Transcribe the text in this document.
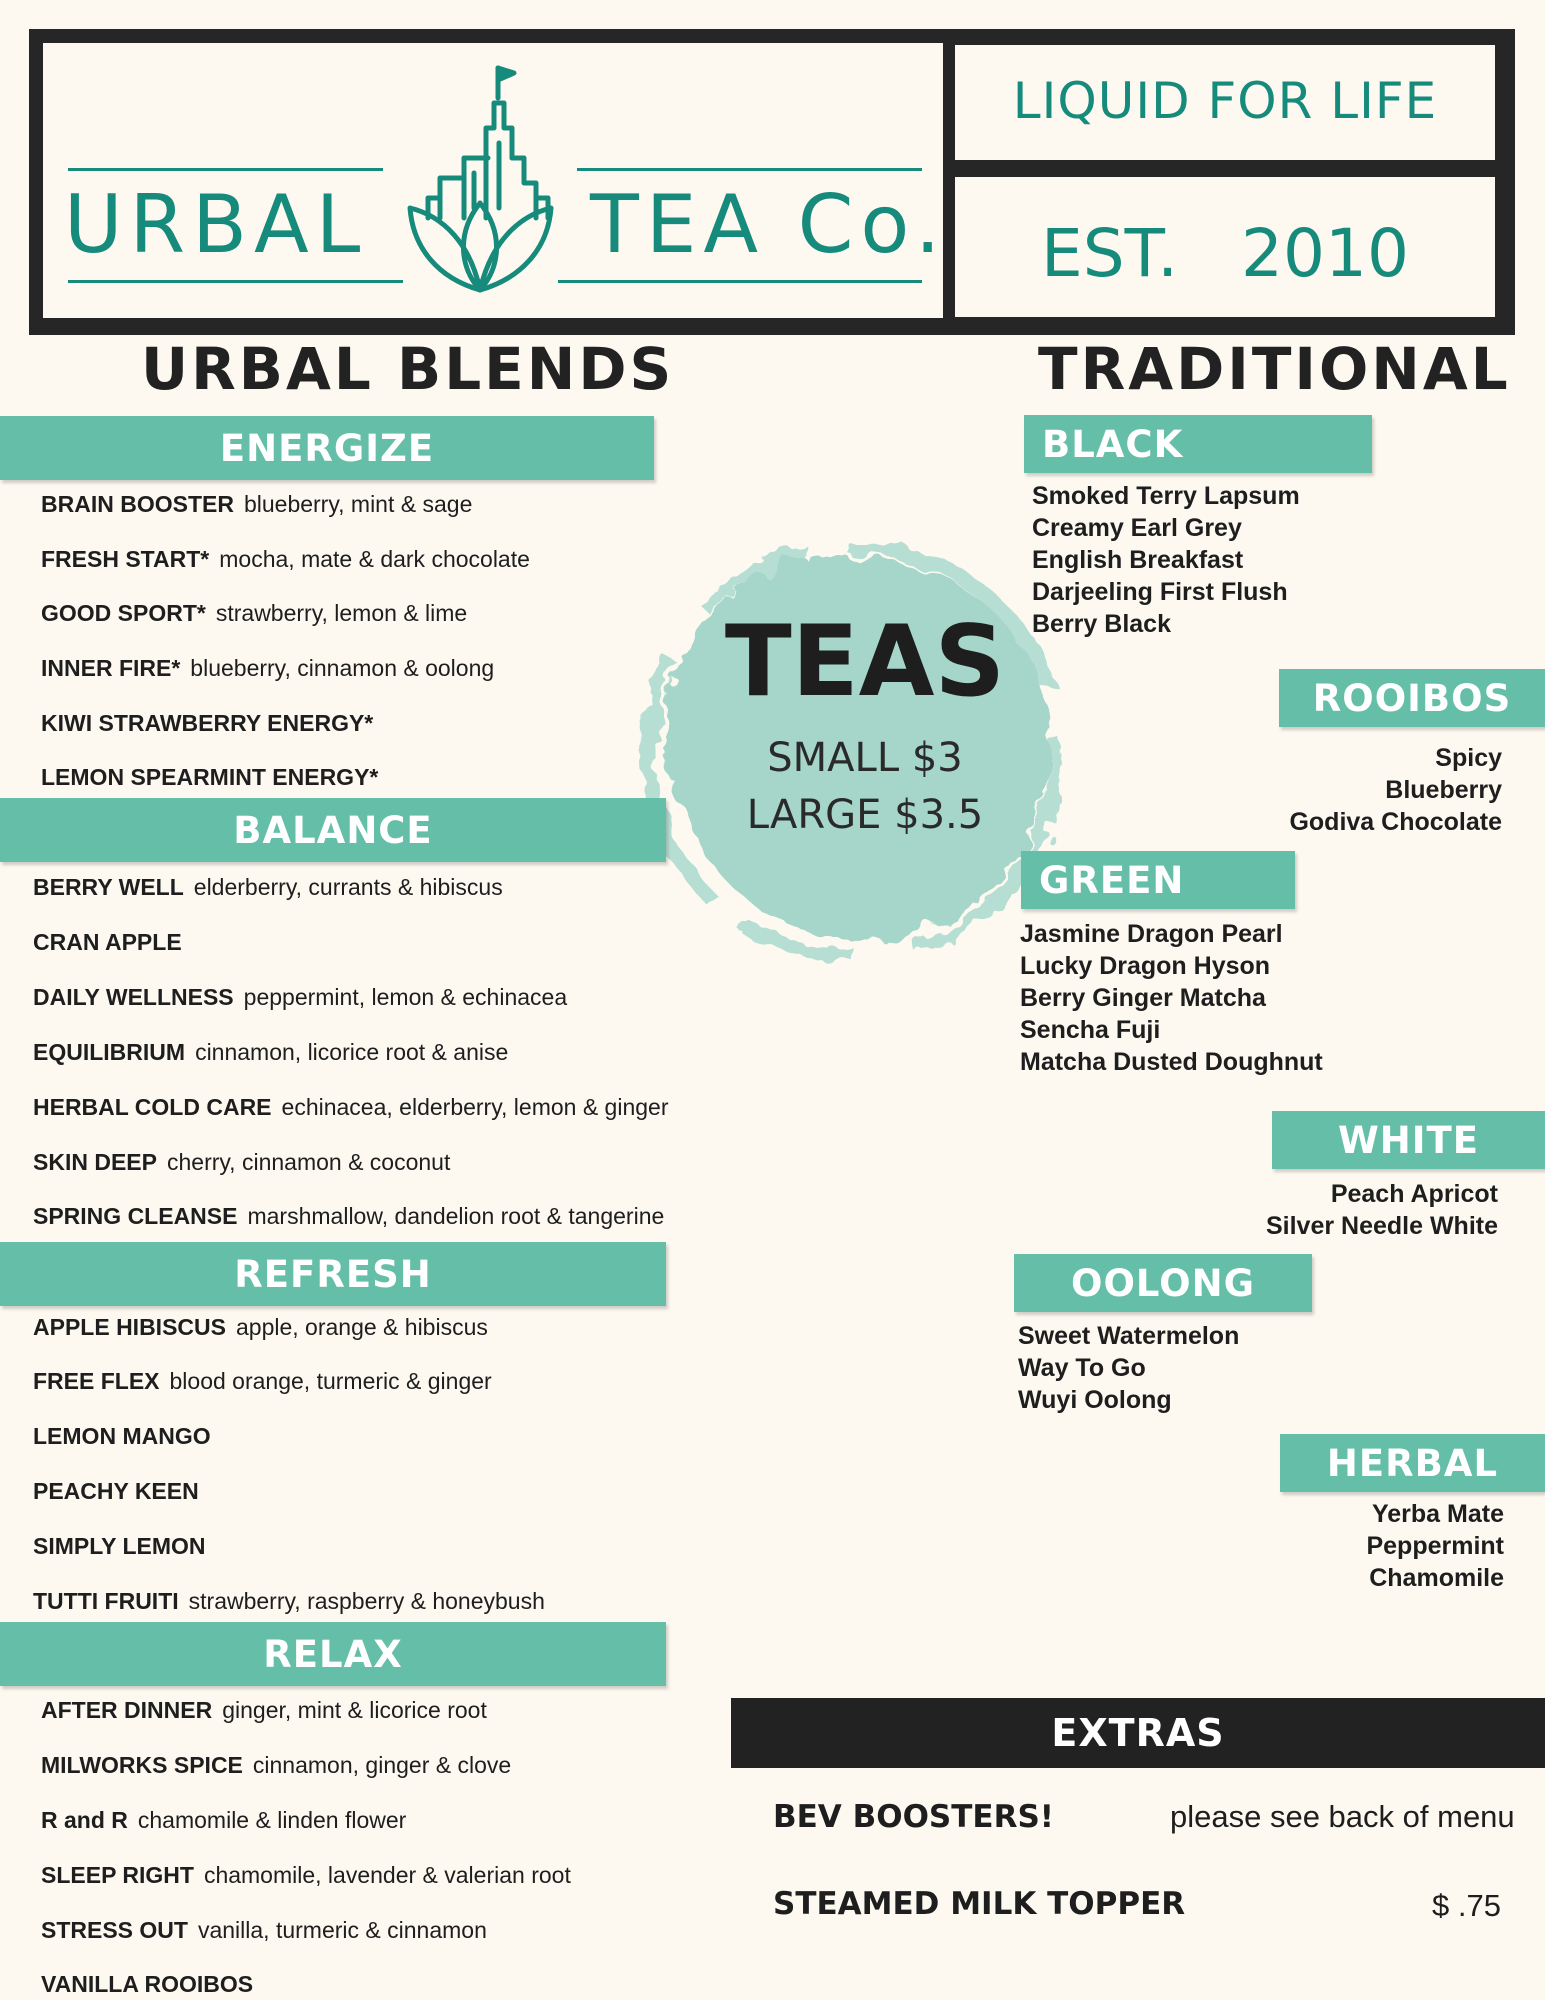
URBAL	TEA Co.
LIQUID FOR LIFE
EST.   2010
URBAL BLENDS	TRADITIONAL
TEAS
SMALL $3
LARGE $3.5
ENERGIZE
BRAIN BOOSTER blueberry, mint & sage
FRESH START* mocha, mate & dark chocolate
GOOD SPORT* strawberry, lemon & lime
INNER FIRE* blueberry, cinnamon & oolong
KIWI STRAWBERRY ENERGY*
LEMON SPEARMINT ENERGY*
BALANCE
BERRY WELL elderberry, currants & hibiscus
CRAN APPLE
DAILY WELLNESS peppermint, lemon & echinacea
EQUILIBRIUM cinnamon, licorice root & anise
HERBAL COLD CARE echinacea, elderberry, lemon & ginger
SKIN DEEP cherry, cinnamon & coconut
SPRING CLEANSE marshmallow, dandelion root & tangerine
REFRESH
APPLE HIBISCUS apple, orange & hibiscus
FREE FLEX blood orange, turmeric & ginger
LEMON MANGO
PEACHY KEEN
SIMPLY LEMON
TUTTI FRUITI strawberry, raspberry & honeybush
RELAX
AFTER DINNER ginger, mint & licorice root
MILWORKS SPICE cinnamon, ginger & clove
R and R chamomile & linden flower
SLEEP RIGHT chamomile, lavender & valerian root
STRESS OUT vanilla, turmeric & cinnamon
VANILLA ROOIBOS
BLACK
Smoked Terry Lapsum
Creamy Earl Grey
English Breakfast
Darjeeling First Flush
Berry Black
ROOIBOS
Spicy
Blueberry
Godiva Chocolate
GREEN
Jasmine Dragon Pearl
Lucky Dragon Hyson
Berry Ginger Matcha
Sencha Fuji
Matcha Dusted Doughnut
WHITE
Peach Apricot
Silver Needle White
OOLONG
Sweet Watermelon
Way To Go
Wuyi Oolong
HERBAL
Yerba Mate
Peppermint
Chamomile
EXTRAS
BEV BOOSTERS!	please see back of menu
STEAMED MILK TOPPER	$ .75
